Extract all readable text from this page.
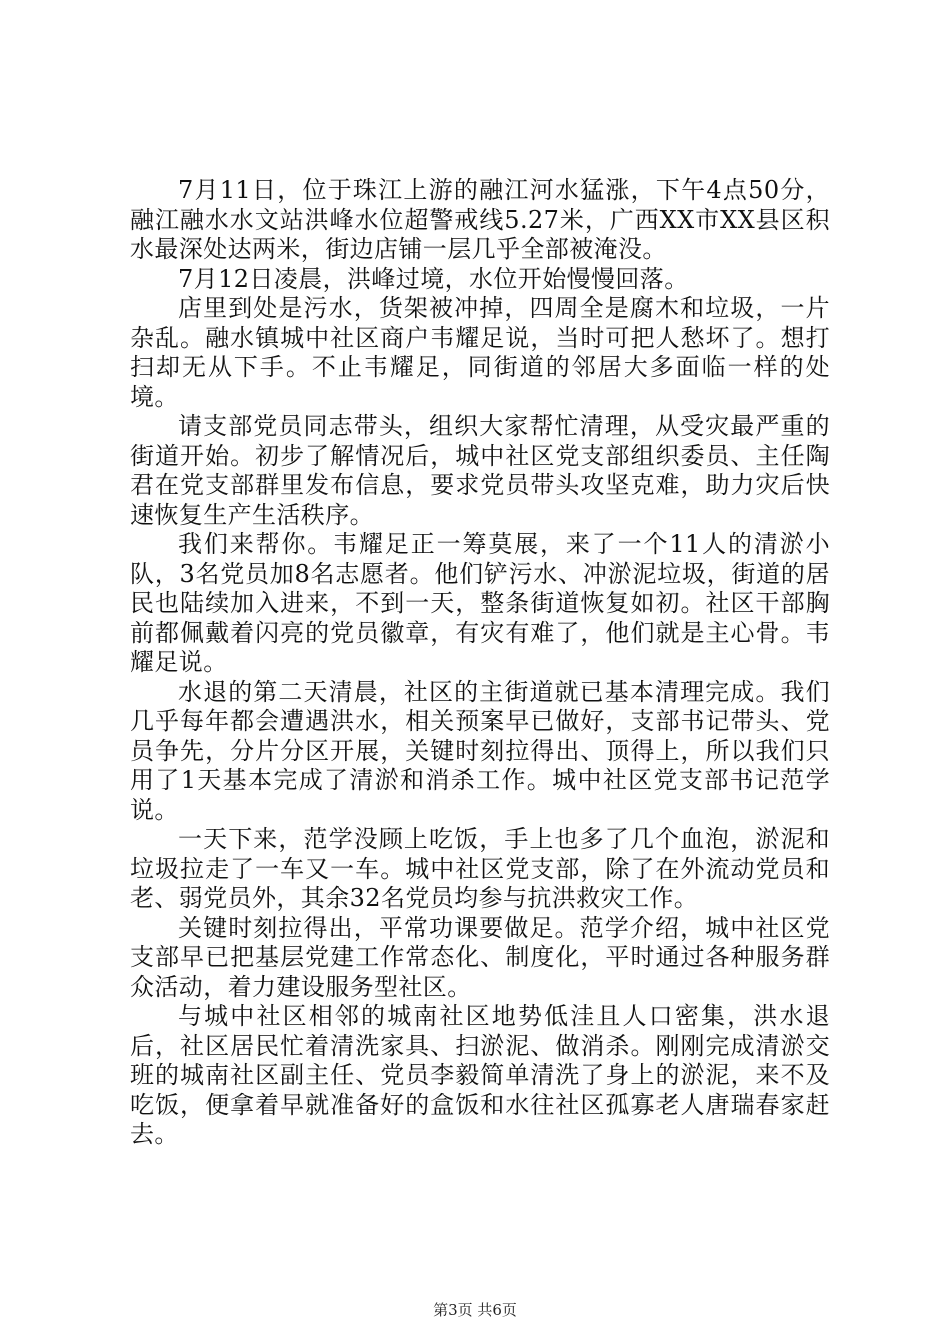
7月11日，位于珠江上游的融江河水猛涨，下午4点50分，融江融水水文站洪峰水位超警戒线5.27米，广西XX市XX县区积水最深处达两米，街边店铺一层几乎全部被淹没。

7月12日凌晨，洪峰过境，水位开始慢慢回落。

店里到处是污水，货架被冲掉，四周全是腐木和垃圾，一片杂乱。融水镇城中社区商户韦耀足说，当时可把人愁坏了。想打扫却无从下手。不止韦耀足，同街道的邻居大多面临一样的处境。

请支部党员同志带头，组织大家帮忙清理，从受灾最严重的街道开始。初步了解情况后，城中社区党支部组织委员、主任陶君在党支部群里发布信息，要求党员带头攻坚克难，助力灾后快速恢复生产生活秩序。

我们来帮你。韦耀足正一筹莫展，来了一个11人的清淤小队，3名党员加8名志愿者。他们铲污水、冲淤泥垃圾，街道的居民也陆续加入进来，不到一天，整条街道恢复如初。社区干部胸前都佩戴着闪亮的党员徽章，有灾有难了，他们就是主心骨。韦耀足说。

水退的第二天清晨，社区的主街道就已基本清理完成。我们几乎每年都会遭遇洪水，相关预案早已做好，支部书记带头、党员争先，分片分区开展，关键时刻拉得出、顶得上，所以我们只用了1天基本完成了清淤和消杀工作。城中社区党支部书记范学说。

一天下来，范学没顾上吃饭，手上也多了几个血泡，淤泥和垃圾拉走了一车又一车。城中社区党支部，除了在外流动党员和老、弱党员外，其余32名党员均参与抗洪救灾工作。

关键时刻拉得出，平常功课要做足。范学介绍，城中社区党支部早已把基层党建工作常态化、制度化，平时通过各种服务群众活动，着力建设服务型社区。

与城中社区相邻的城南社区地势低洼且人口密集，洪水退后，社区居民忙着清洗家具、扫淤泥、做消杀。刚刚完成清淤交班的城南社区副主任、党员李毅简单清洗了身上的淤泥，来不及吃饭，便拿着早就准备好的盒饭和水往社区孤寡老人唐瑞春家赶去。

第3页 共6页
